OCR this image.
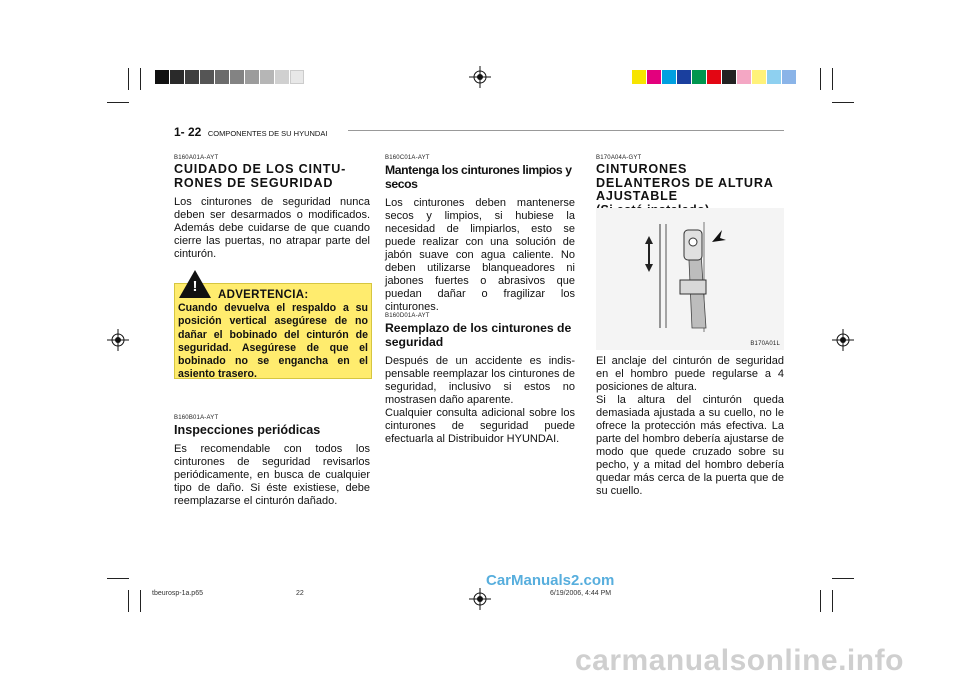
1- 22 COMPONENTES DE SU HYUNDAI
B160A01A-AYT
CUIDADO DE LOS CINTU-RONES DE SEGURIDAD
Los cinturones de seguridad nunca deben ser desarmados o modificados. Además debe cuidarse de que cuando cierre las puertas, no atrapar parte del cinturón.
ADVERTENCIA:
Cuando devuelva el respaldo a su posición vertical asegúrese de no dañar el bobinado del cinturón de seguridad. Asegúrese de que el bobinado no se engancha en el asiento trasero.
!
B160B01A-AYT
Inspecciones periódicas
Es recomendable con todos los cinturones de seguridad revisarlos periódicamente, en busca de cualquier tipo de daño. Si éste existiese, debe reemplazarse el cinturón dañado.
B160C01A-AYT
Mantenga los cinturones limpios y secos
Los cinturones deben mantenerse secos y limpios, si hubiese la necesidad de limpiarlos, esto se puede realizar con una solución de jabón suave con agua caliente. No deben utilizarse blanqueadores ni jabones fuertes o abrasivos que puedan dañar o fragilizar los cinturones.
B160D01A-AYT
Reemplazo de los cinturones de seguridad
Después de un accidente es indis-pensable reemplazar los cinturones de seguridad, inclusivo si estos no mostrasen daño aparente.
Cualquier consulta adicional sobre los cinturones de seguridad puede efectuarla al Distribuidor HYUNDAI.
B170A04A-GYT
CINTURONES DELANTEROS DE ALTURA AJUSTABLE
B170A01L
El anclaje del cinturón de seguridad en el hombro puede regularse a 4 posiciones de altura.
Si la altura del cinturón queda demasiada ajustada a su cuello, no le ofrece la protección más efectiva. La parte del hombro debería ajustarse de modo que quede cruzado sobre su pecho, y a mitad del hombro debería quedar más cerca de la puerta que de su cuello.
tbeurosp-1a.p65	22	6/19/2006, 4:44 PM
CarManuals2.com
carmanualsonline.info
